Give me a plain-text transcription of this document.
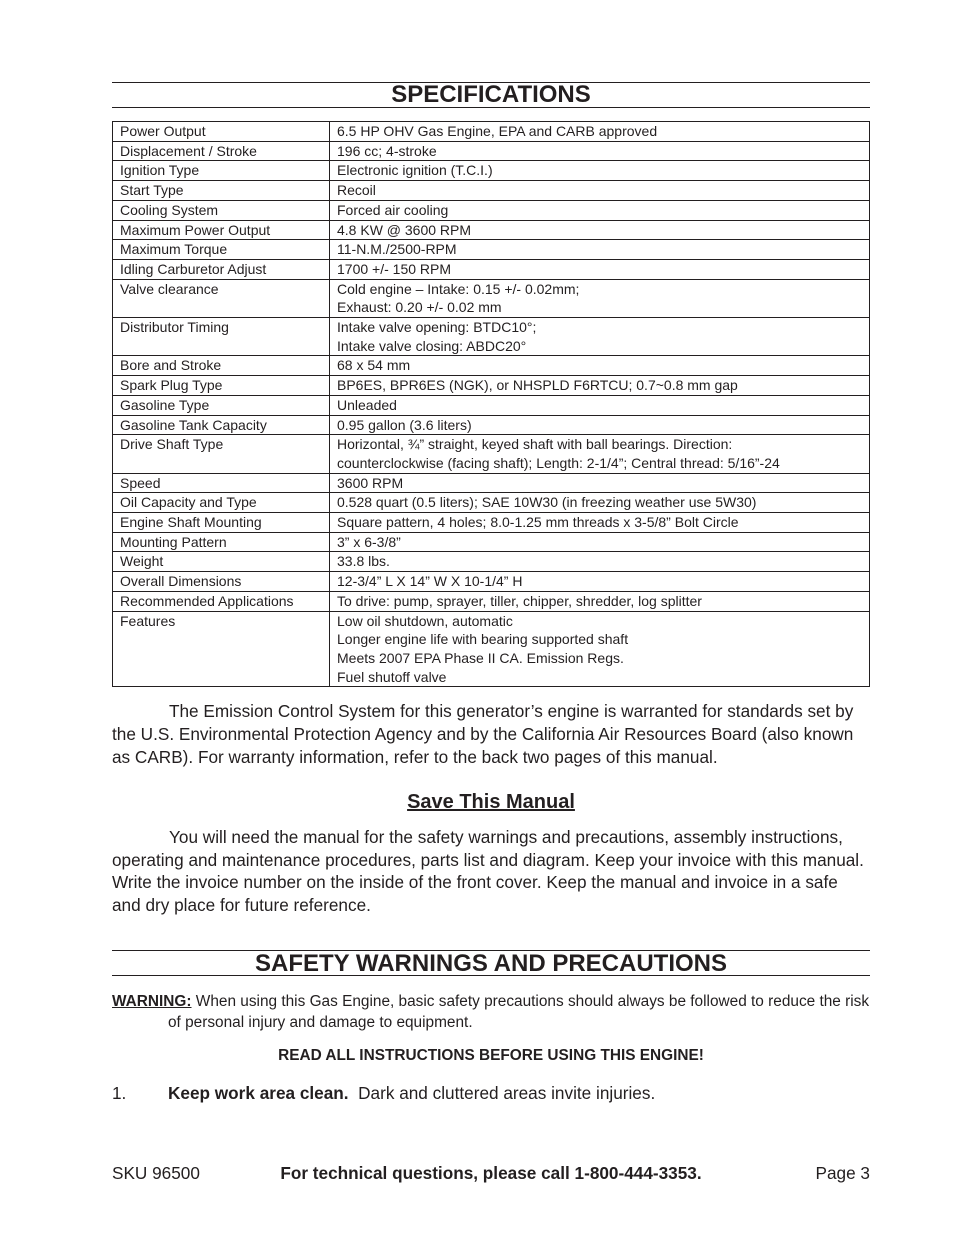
SPECIFICATIONS
Power Output	6.5 HP OHV Gas Engine, EPA and CARB approved

Displacement / Stroke	196 cc; 4-stroke

Ignition Type	Electronic ignition (T.C.I.)

Start Type	Recoil

Cooling System	Forced air cooling

Maximum Power Output	4.8 KW @ 3600 RPM

Maximum Torque	11-N.M./2500-RPM

Idling Carburetor Adjust	1700 +/- 150 RPM

Valve clearance	Cold engine – Intake: 0.15 +/- 0.02mm;
Exhaust: 0.20 +/- 0.02 mm

Distributor Timing	Intake valve opening: BTDC10°;
Intake valve closing: ABDC20°

Bore and Stroke	68 x 54 mm

Spark Plug Type	BP6ES, BPR6ES (NGK), or NHSPLD F6RTCU; 0.7~0.8 mm gap

Gasoline Type	Unleaded

Gasoline Tank Capacity	0.95 gallon (3.6 liters)

Drive Shaft Type	Horizontal, ¾” straight, keyed shaft with ball bearings. Direction:
counterclockwise (facing shaft); Length: 2-1/4”; Central thread: 5/16”-24

Speed	3600 RPM

Oil Capacity and Type	0.528 quart (0.5 liters); SAE 10W30 (in freezing weather use 5W30)

Engine Shaft Mounting	Square pattern, 4 holes; 8.0-1.25 mm threads x 3-5/8” Bolt Circle

Mounting Pattern	3” x 6-3/8”

Weight	33.8 lbs.

Overall Dimensions	12-3/4” L X 14” W X 10-1/4” H

Recommended Applications	To drive: pump, sprayer, tiller, chipper, shredder, log splitter

Features	Low oil shutdown, automatic
Longer engine life with bearing supported shaft
Meets 2007 EPA Phase II CA. Emission Regs.
Fuel shutoff valve

The Emission Control System for this generator’s engine is warranted for standards set by the U.S. Environmental Protection Agency and by the California Air Resources Board (also known as CARB). For warranty information, refer to the back two pages of this manual.

Save This Manual

You will need the manual for the safety warnings and precautions, assembly instructions, operating and maintenance procedures, parts list and diagram. Keep your invoice with this manual. Write the invoice number on the inside of the front cover. Keep the manual and invoice in a safe and dry place for future reference.

SAFETY WARNINGS AND PRECAUTIONS
WARNING: When using this Gas Engine, basic safety precautions should always be followed to reduce the risk of personal injury and damage to equipment.
READ ALL INSTRUCTIONS BEFORE USING THIS ENGINE!
1. Keep work area clean. Dark and cluttered areas invite injuries.
SKU 96500	For technical questions, please call 1-800-444-3353.	Page 3
